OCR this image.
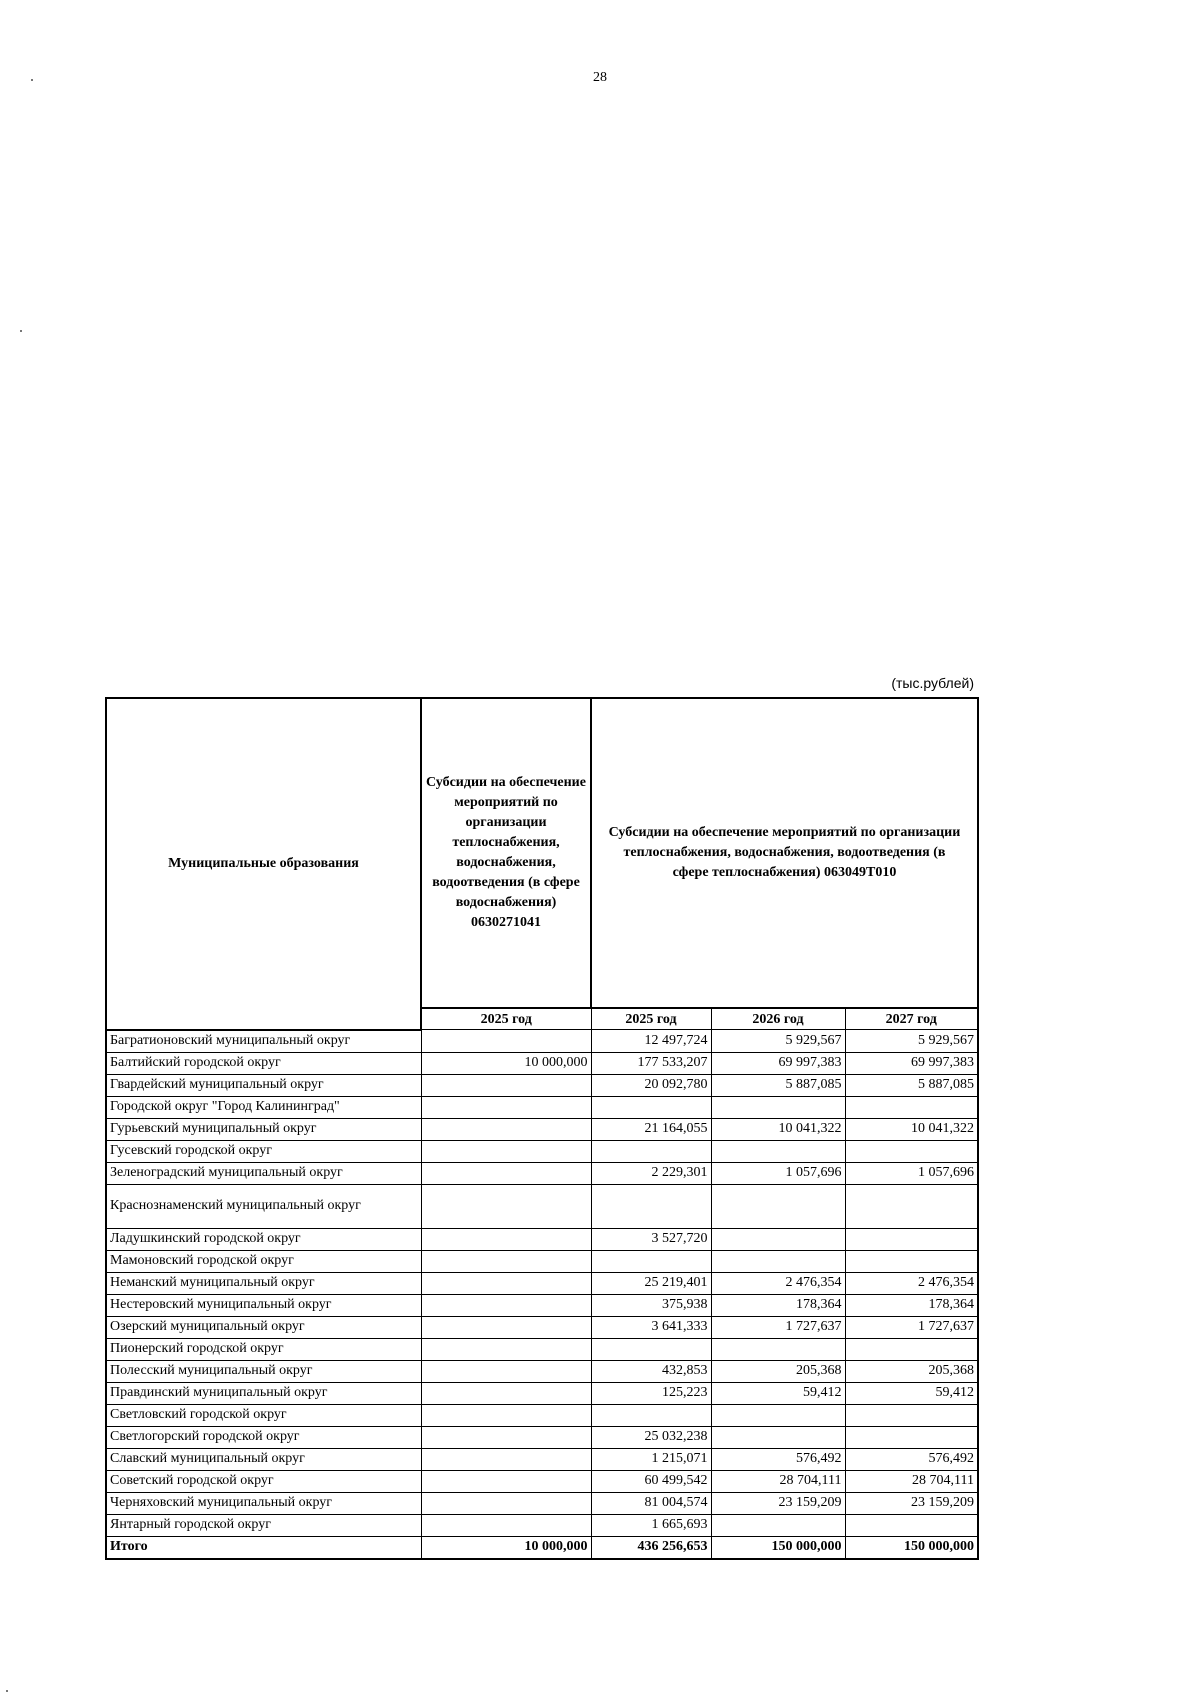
28
(тыс.рублей)
Муниципальные образования	Субсидии на обеспечение мероприятий по организации теплоснабжения, водоснабжения, водоотведения (в сфере водоснабжения) 0630271041	Субсидии на обеспечение мероприятий по организации теплоснабжения, водоснабжения, водоотведения (в сфере теплоснабжения) 063049T010		
	2025 год	2025 год	2026 год	2027 год
Багратионовский муниципальный округ		12 497,724	5 929,567	5 929,567
Балтийский городской округ	10 000,000	177 533,207	69 997,383	69 997,383
Гвардейский муниципальный округ		20 092,780	5 887,085	5 887,085
Городской округ "Город Калининград"				
Гурьевский муниципальный округ		21 164,055	10 041,322	10 041,322
Гусевский городской округ				
Зеленоградский муниципальный округ		2 229,301	1 057,696	1 057,696
Краснознаменский муниципальный округ				
Ладушкинский городской округ		3 527,720		
Мамоновский городской округ				
Неманский муниципальный округ		25 219,401	2 476,354	2 476,354
Нестеровский муниципальный округ		375,938	178,364	178,364
Озерский муниципальный округ		3 641,333	1 727,637	1 727,637
Пионерский городской округ				
Полесский муниципальный округ		432,853	205,368	205,368
Правдинский муниципальный округ		125,223	59,412	59,412
Светловский городской округ				
Светлогорский городской округ		25 032,238		
Славский муниципальный округ		1 215,071	576,492	576,492
Советский городской округ		60 499,542	28 704,111	28 704,111
Черняховский муниципальный округ		81 004,574	23 159,209	23 159,209
Янтарный городской округ		1 665,693		
Итого	10 000,000	436 256,653	150 000,000	150 000,000
